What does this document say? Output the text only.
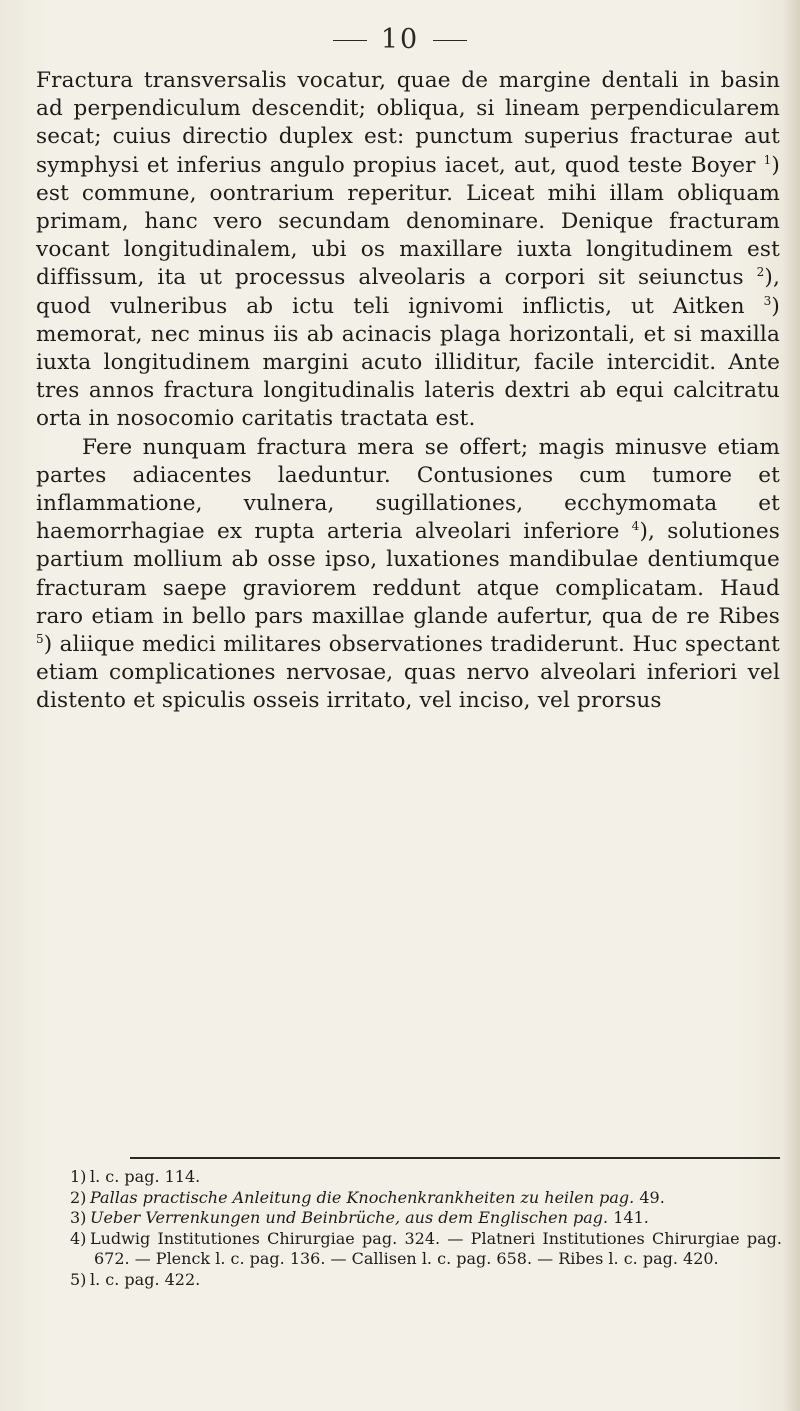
10

Fractura transversalis vocatur, quae de margine dentali in basin ad perpendiculum descendit; obliqua, si lineam perpendicularem secat; cuius directio duplex est: punctum superius fracturae aut symphysi et inferius angulo propius iacet, aut, quod teste Boyer $^1$) est commune, oontrarium reperitur. Liceat mihi illam obliquam primam, hanc vero secundam denominare. Denique fracturam vocant longitudinalem, ubi os maxillare iuxta longitudinem est diffissum, ita ut processus alveolaris a corpori sit seiunctus $^2$), quod vulneribus ab ictu teli ignivomi inflictis, ut Aitken $^3$) memorat, nec minus iis ab acinacis plaga horizontali, et si maxilla iuxta longitudinem margini acuto illiditur, facile intercidit. Ante tres annos fractura longitudinalis lateris dextri ab equi calcitratu orta in nosocomio caritatis tractata est.

Fere nunquam fractura mera se offert; magis minusve etiam partes adiacentes laeduntur. Contusiones cum tumore et inflammatione, vulnera, sugillationes, ecchymomata et haemorrhagiae ex rupta arteria alveolari inferiore $^4$), solutiones partium mollium ab osse ipso, luxationes mandibulae dentiumque fracturam saepe graviorem reddunt atque complicatam. Haud raro etiam in bello pars maxillae glande aufertur, qua de re Ribes $^5$) aliique medici militares observationes tradiderunt. Huc spectant etiam complicationes nervosae, quas nervo alveolari inferiori vel distento et spiculis osseis irritato, vel inciso, vel prorsus

1) l. c. pag. 114.
2) Pallas practische Anleitung die Knochenkrankheiten zu heilen pag. 49.
3) Ueber Verrenkungen und Beinbrüche, aus dem Englischen pag. 141.
4) Ludwig Institutiones Chirurgiae pag. 324. — Platneri Institutiones Chirurgiae pag. 672. — Plenck l. c. pag. 136. — Callisen l. c. pag. 658. — Ribes l. c. pag. 420.
5) l. c. pag. 422.
